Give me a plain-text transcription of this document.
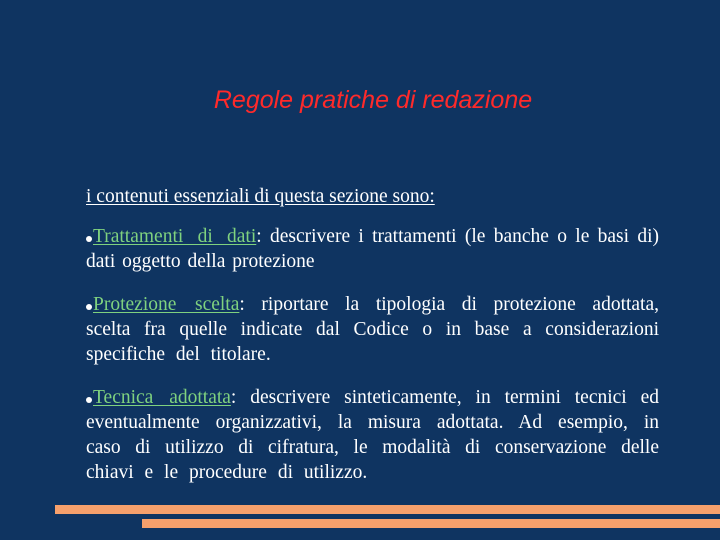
Regole pratiche di redazione

i contenuti essenziali di questa sezione sono:

Trattamenti di dati: descrivere i trattamenti (le banche o le basi di) dati oggetto della protezione

Protezione scelta: riportare la tipologia di protezione adottata, scelta fra quelle indicate dal Codice o in base a considerazioni specifiche del titolare.

Tecnica adottata: descrivere sinteticamente, in termini tecnici ed eventualmente organizzativi, la misura adottata. Ad esempio, in caso di utilizzo di cifratura, le modalità di conservazione delle chiavi e le procedure di utilizzo.
